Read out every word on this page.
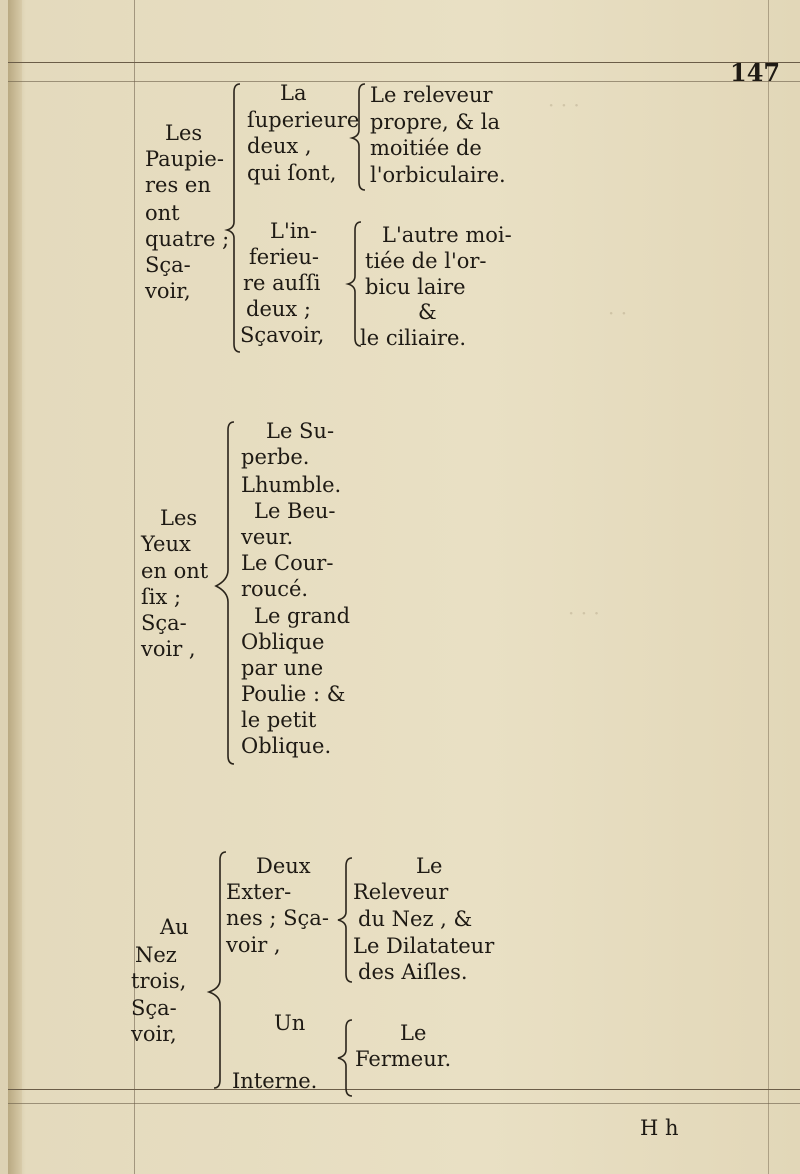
· · ·
· ·
· · ·
147
Les
Paupie-
res en
ont
quatre ;
Sça-
voir,
La
ſuperieure
deux ,
qui ſont,
Le releveur
propre, & la
moitiée de
l'orbiculaire.
L'in-
ferieu-
re auſſi
deux ;
Sçavoir,
L'autre moi-
tiée de l'or-
bicu laire
&
le ciliaire.
Les
Yeux
en ont
ſix ;
Sça-
voir ,
Le Su-
perbe.
Lhumble.
Le Beu-
veur.
Le Cour-
roucé.
Le grand
Oblique
par une
Poulie : &
le petit
Oblique.
Au
Nez
trois,
Sça-
voir,
Deux
Exter-
nes ; Sça-
voir ,
Le
Releveur
du Nez , &
Le Dilatateur
des Aiſles.
Un
Interne.
Le
Fermeur.
H h
